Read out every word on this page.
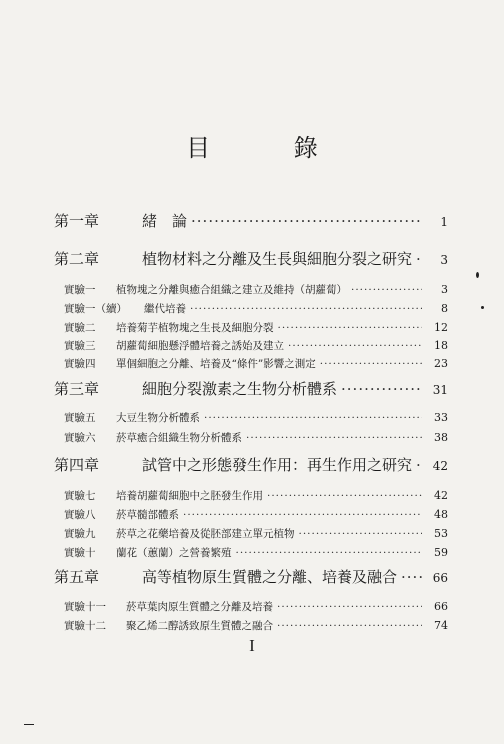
目 錄
第一章	緒　論 ·····	1
第二章	植物材料之分離及生長與細胞分裂之研究 ·····	3
實驗一	植物塊之分離與癒合組織之建立及維持（胡蘿蔔） ·····	3
實驗一（續）	繼代培養 ·····	8
實驗二	培養菊芋植物塊之生長及細胞分裂 ·····	12
實驗三	胡蘿蔔細胞懸浮體培養之誘始及建立 ·····	18
實驗四	單個細胞之分離、培養及“條件”影響之測定 ·····	23
第三章	細胞分裂激素之生物分析體系 ·····	31
實驗五	大豆生物分析體系 ·····	33
實驗六	菸草癒合組織生物分析體系 ·····	38
第四章	試管中之形態發生作用：再生作用之研究 ·····	42
實驗七	培養胡蘿蔔細胞中之胚發生作用 ·····	42
實驗八	菸草髓部體系 ·····	48
實驗九	菸草之花藥培養及從胚部建立單元植物 ·····	53
實驗十	蘭花（蕙蘭）之營養繁殖 ·····	59
第五章	高等植物原生質體之分離、培養及融合 ·····	66
實驗十一	菸草葉肉原生質體之分離及培養 ·····	66
實驗十二	聚乙烯二醇誘致原生質體之融合 ·····	74
I
